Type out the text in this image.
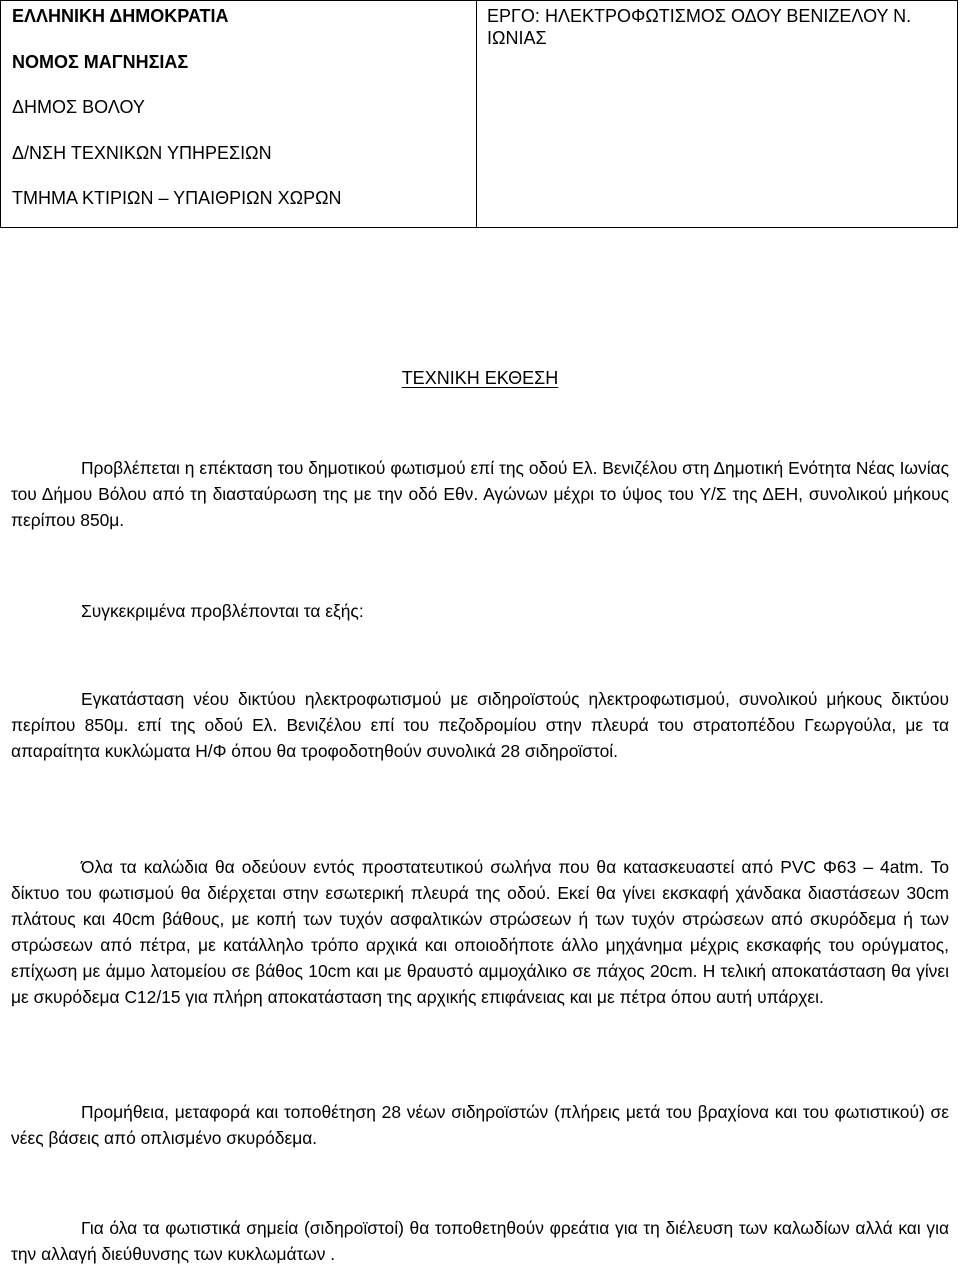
ΕΛΛΗΝΙΚΗ ΔΗΜΟΚΡΑΤΙΑ
ΝΟΜΟΣ ΜΑΓΝΗΣΙΑΣ
ΔΗΜΟΣ ΒΟΛΟΥ
Δ/ΝΣΗ ΤΕΧΝΙΚΩΝ ΥΠΗΡΕΣΙΩΝ
ΤΜΗΜΑ ΚΤΙΡΙΩΝ – ΥΠΑΙΘΡΙΩΝ ΧΩΡΩΝ
ΕΡΓΟ: ΗΛΕΚΤΡΟΦΩΤΙΣΜΟΣ ΟΔΟΥ ΒΕΝΙΖΕΛΟΥ Ν. ΙΩΝΙΑΣ
ΤΕΧΝΙΚΗ ΕΚΘΕΣΗ

Προβλέπεται η επέκταση του δημοτικού φωτισμού επί της οδού Ελ. Βενιζέλου στη Δημοτική Ενότητα Νέας Ιωνίας του Δήμου Βόλου από τη διασταύρωση της με την οδό Εθν. Αγώνων μέχρι το ύψος του Υ/Σ της ΔΕΗ, συνολικού μήκους περίπου 850μ.

Συγκεκριμένα προβλέπονται τα εξής:

Εγκατάσταση νέου δικτύου ηλεκτροφωτισμού με σιδηροϊστούς ηλεκτροφωτισμού, συνολικού μήκους δικτύου περίπου 850μ. επί της οδού Ελ. Βενιζέλου επί του πεζοδρομίου στην πλευρά του στρατοπέδου Γεωργούλα, με τα απαραίτητα κυκλώματα Η/Φ όπου θα τροφοδοτηθούν συνολικά 28 σιδηροϊστοί.

Όλα τα καλώδια θα οδεύουν εντός προστατευτικού σωλήνα που θα κατασκευαστεί από PVC Φ63 – 4atm. Το δίκτυο του φωτισμού θα διέρχεται στην εσωτερική πλευρά της οδού. Εκεί θα γίνει εκσκαφή χάνδακα διαστάσεων 30cm πλάτους και 40cm βάθους, με κοπή των τυχόν ασφαλτικών στρώσεων ή των τυχόν στρώσεων από σκυρόδεμα ή των στρώσεων από πέτρα, με κατάλληλο τρόπο αρχικά και οποιοδήποτε άλλο μηχάνημα μέχρις εκσκαφής του ορύγματος, επίχωση με άμμο λατομείου σε βάθος 10cm και με θραυστό αμμοχάλικο σε πάχος 20cm. Η τελική αποκατάσταση θα γίνει με σκυρόδεμα C12/15 για πλήρη αποκατάσταση της αρχικής επιφάνειας και με πέτρα όπου αυτή υπάρχει.

Προμήθεια, μεταφορά και τοποθέτηση 28 νέων σιδηροϊστών (πλήρεις μετά του βραχίονα και του φωτιστικού) σε νέες βάσεις από οπλισμένο σκυρόδεμα.

Για όλα τα φωτιστικά σημεία (σιδηροϊστοί) θα τοποθετηθούν φρεάτια για τη διέλευση των καλωδίων αλλά και για την αλλαγή διεύθυνσης των κυκλωμάτων .
